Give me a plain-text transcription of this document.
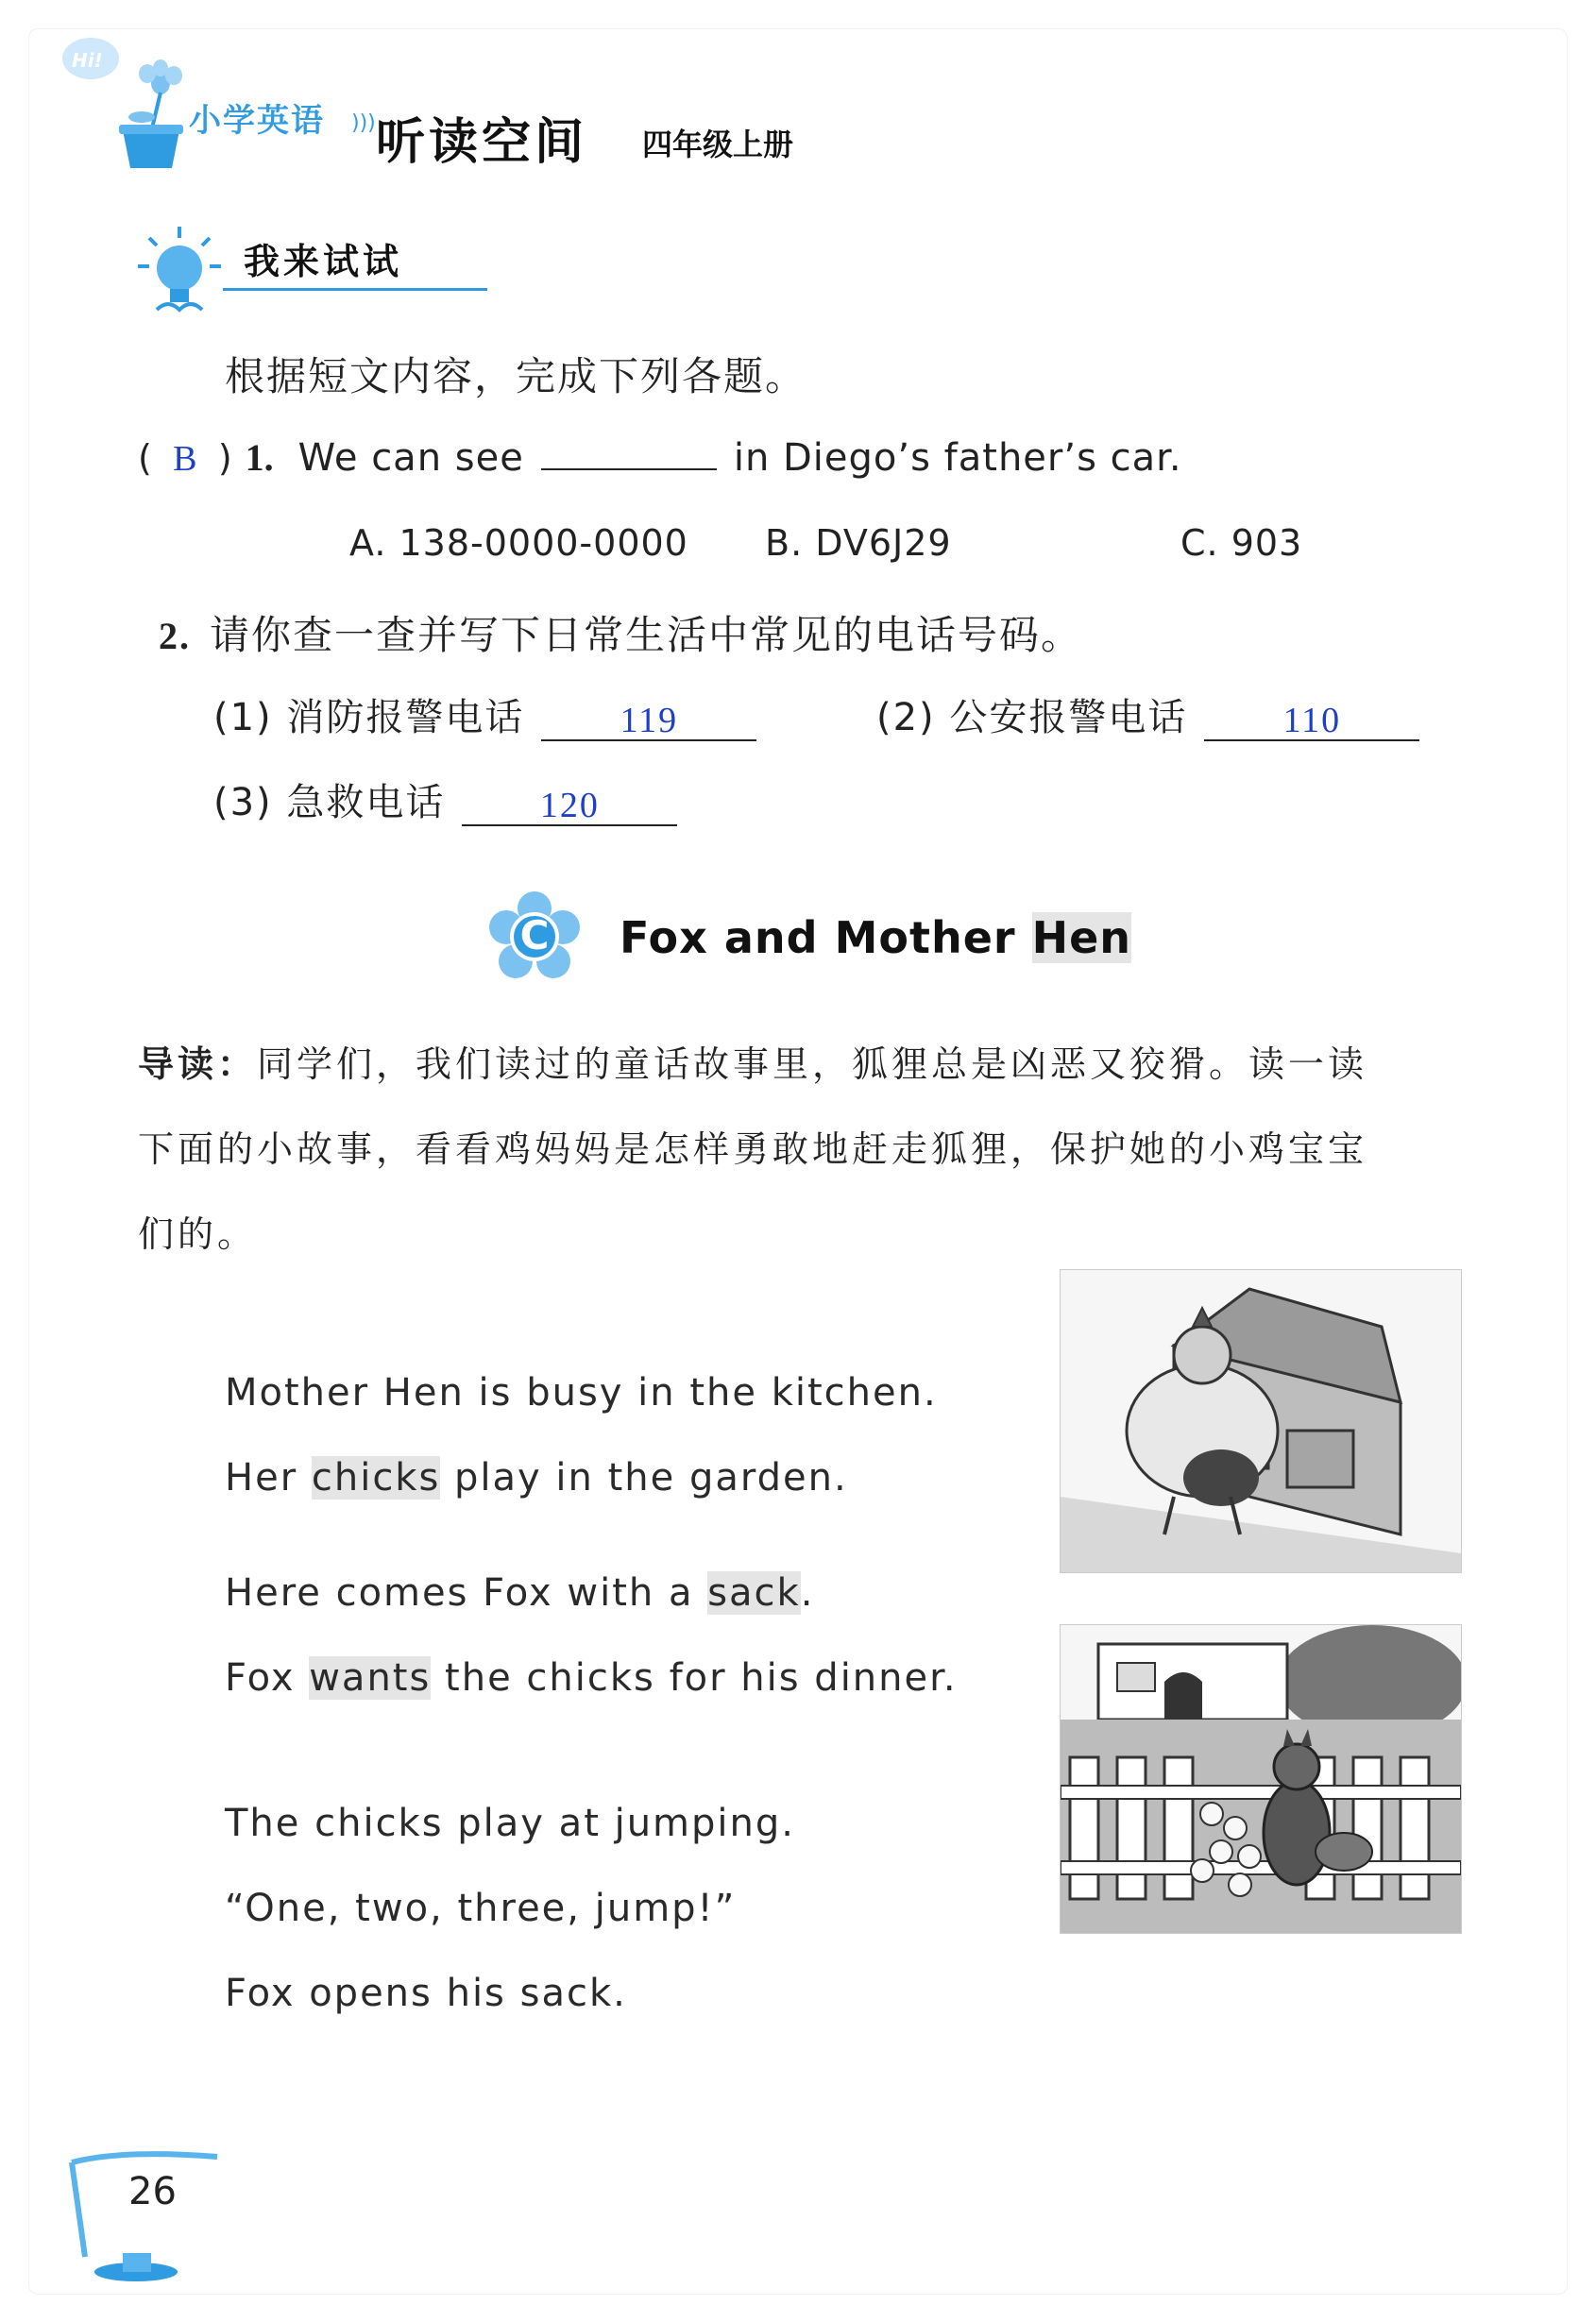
Hi!
小学英语 ))) 听读空间 四年级上册
我来试试
根据短文内容，完成下列各题。
( B ) 1. We can see	in Diego’s father’s car.
A. 138-0000-0000 B. DV6J29	C. 903
2. 请你查一查并写下日常生活中常见的电话号码。
(1) 消防报警电话	119	(2) 公安报警电话	110
(3) 急救电话	120
C Fox and Mother Hen
导读：同学们，我们读过的童话故事里，狐狸总是凶恶又狡猾。读一读
下面的小故事，看看鸡妈妈是怎样勇敢地赶走狐狸，保护她的小鸡宝宝
们的。
Mother Hen is busy in the kitchen.
Her chicks play in the garden.
Here comes Fox with a sack.
Fox wants the chicks for his dinner.
The chicks play at jumping.
“One, two, three, jump!”
Fox opens his sack.
26
